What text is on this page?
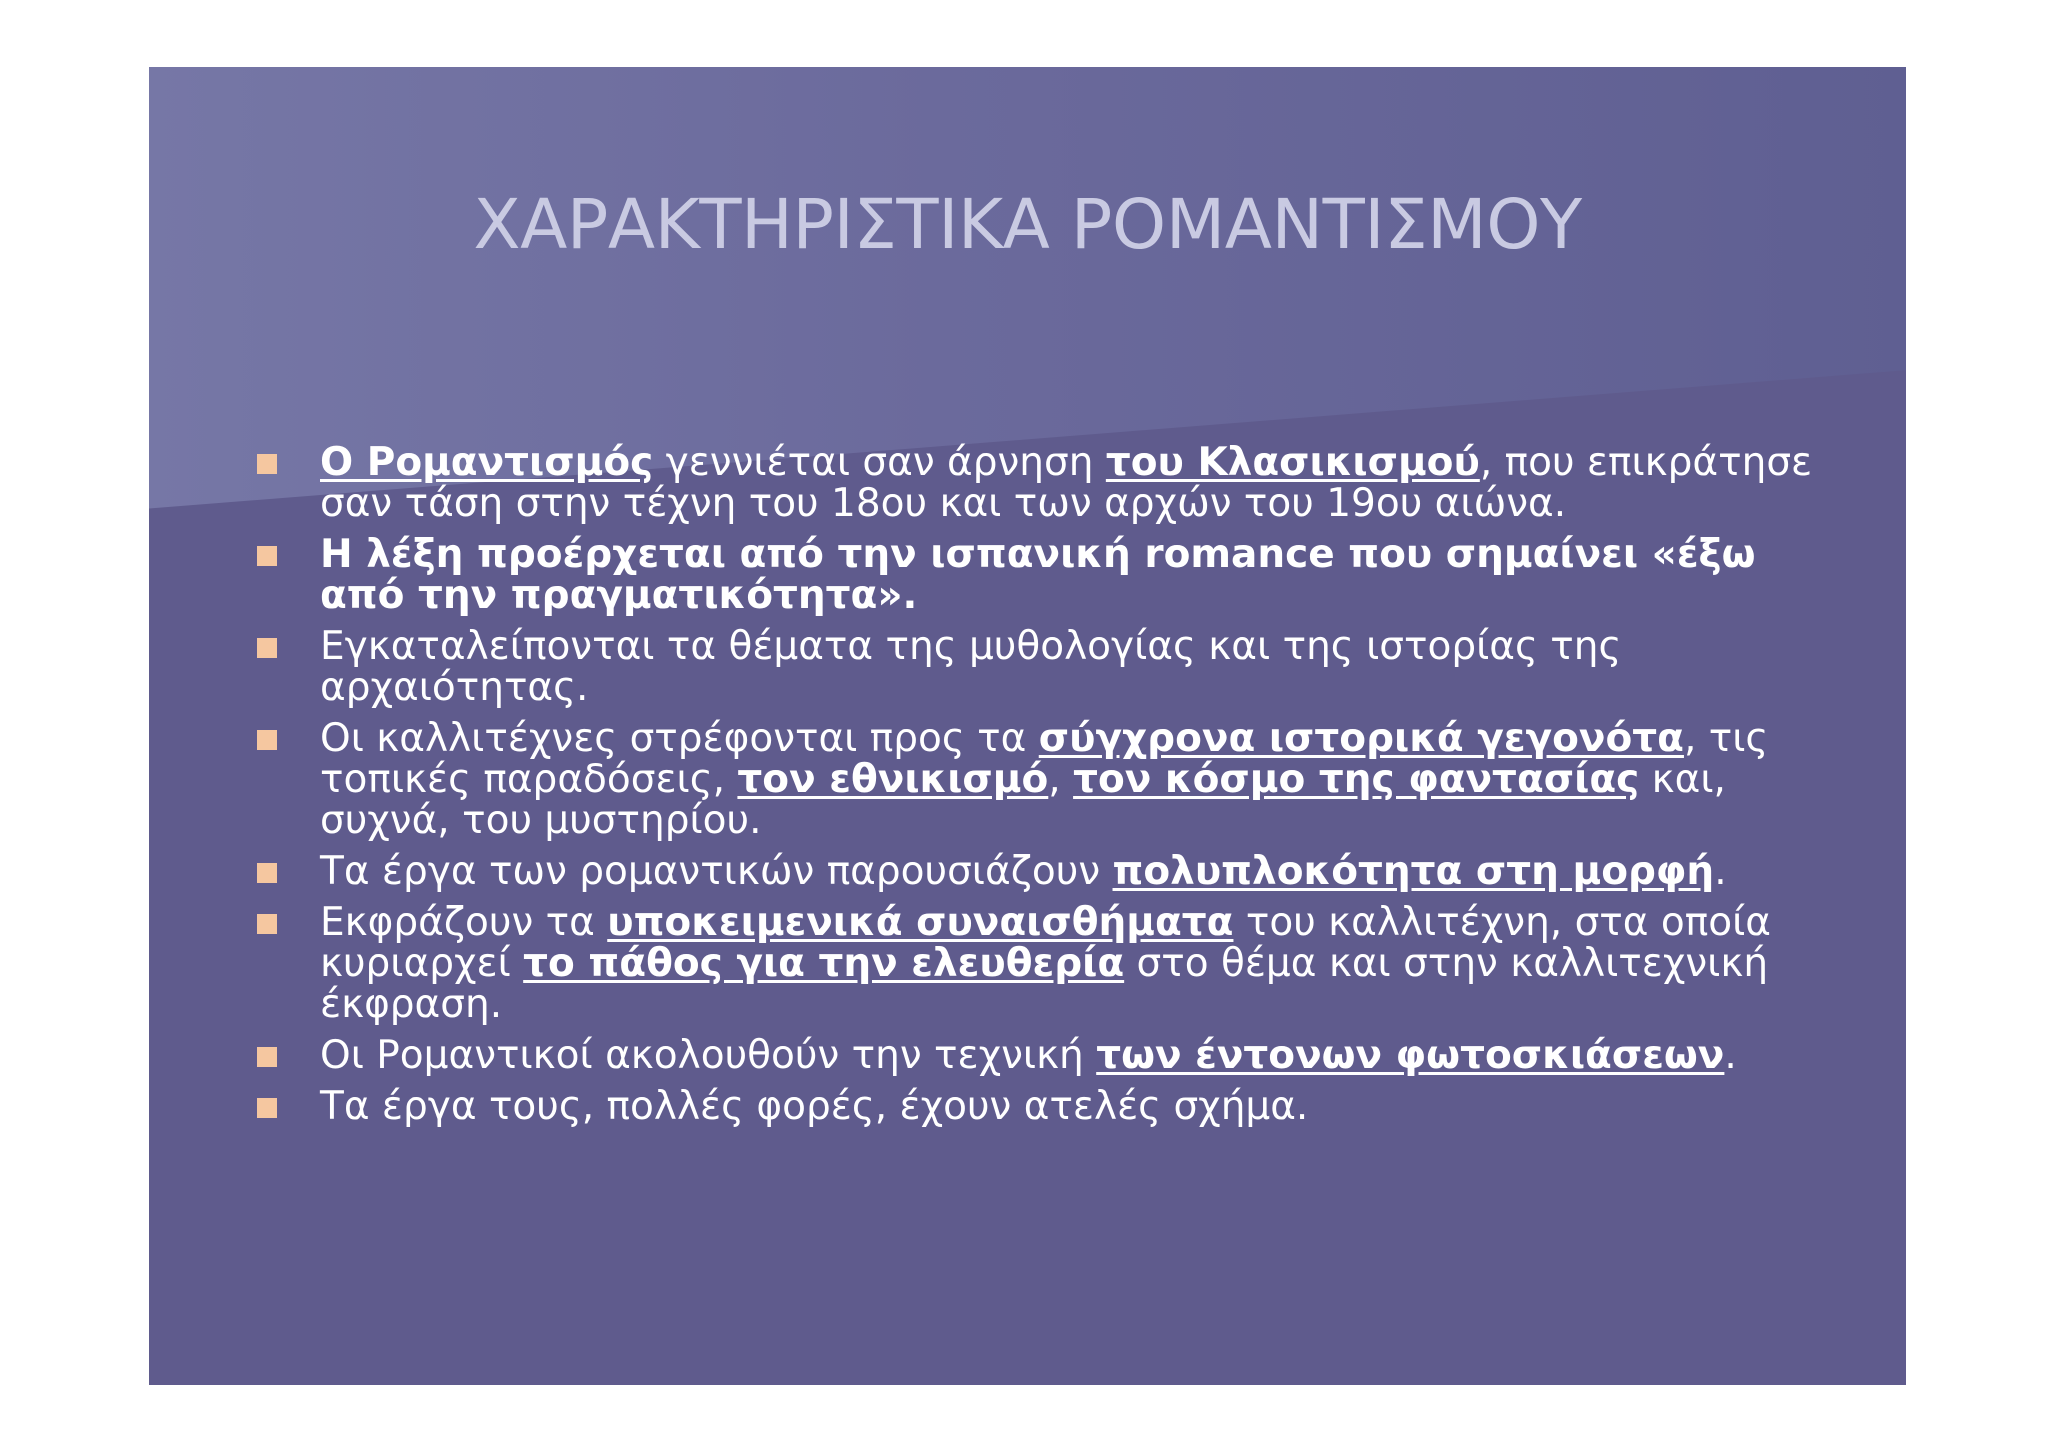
ΧΑΡΑΚΤΗΡΙΣΤΙΚΑ ΡΟΜΑΝΤΙΣΜΟΥ
Ο Ρομαντισμός γεννιέται σαν άρνηση του Κλασικισμού, που επικράτησε σαν τάση στην τέχνη του 18ου και των αρχών του 19ου αιώνα.
Η λέξη προέρχεται από την ισπανική romance που σημαίνει «έξω από την πραγματικότητα».
Εγκαταλείπονται τα θέματα της μυθολογίας και της ιστορίας της αρχαιότητας.
Οι καλλιτέχνες στρέφονται προς τα σύγχρονα ιστορικά γεγονότα, τις τοπικές παραδόσεις, τον εθνικισμό, τον κόσμο της φαντασίας και, συχνά, του μυστηρίου.
Τα έργα των ρομαντικών παρουσιάζουν πολυπλοκότητα στη μορφή.
Εκφράζουν τα υποκειμενικά συναισθήματα του καλλιτέχνη, στα οποία κυριαρχεί το πάθος για την ελευθερία στο θέμα και στην καλλιτεχνική έκφραση.
Οι Ρομαντικοί ακολουθούν την τεχνική των έντονων φωτοσκιάσεων.
Τα έργα τους, πολλές φορές, έχουν ατελές σχήμα.
